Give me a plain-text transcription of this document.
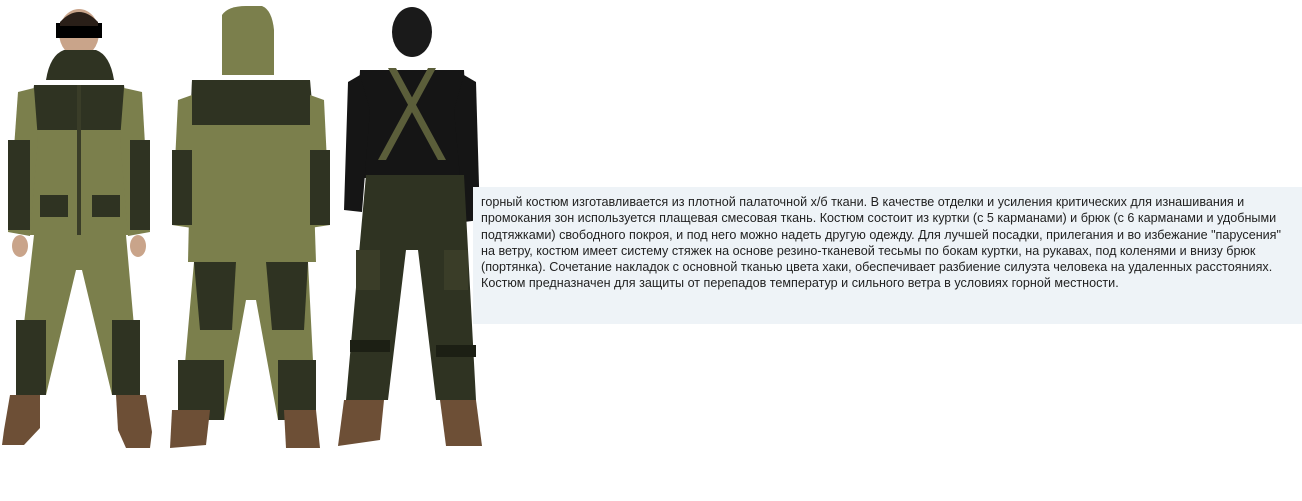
горный костюм изготавливается из плотной палаточной х/б ткани. В качестве отделки и усиления критических для изнашивания и промокания зон используется плащевая смесовая ткань. Костюм состоит из куртки (с 5 карманами) и брюк (с 6 карманами и удобными подтяжками) свободного покроя, и под него можно надеть другую одежду. Для лучшей посадки, прилегания и во избежание "парусения" на ветру, костюм имеет систему стяжек на основе резино-тканевой тесьмы по бокам куртки, на рукавах, под коленями и внизу брюк (портянка). Сочетание накладок с основной тканью цвета хаки, обеспечивает разбиение силуэта человека на удаленных расстояниях. Костюм предназначен для защиты от перепадов температур и сильного ветра в условиях горной местности.
